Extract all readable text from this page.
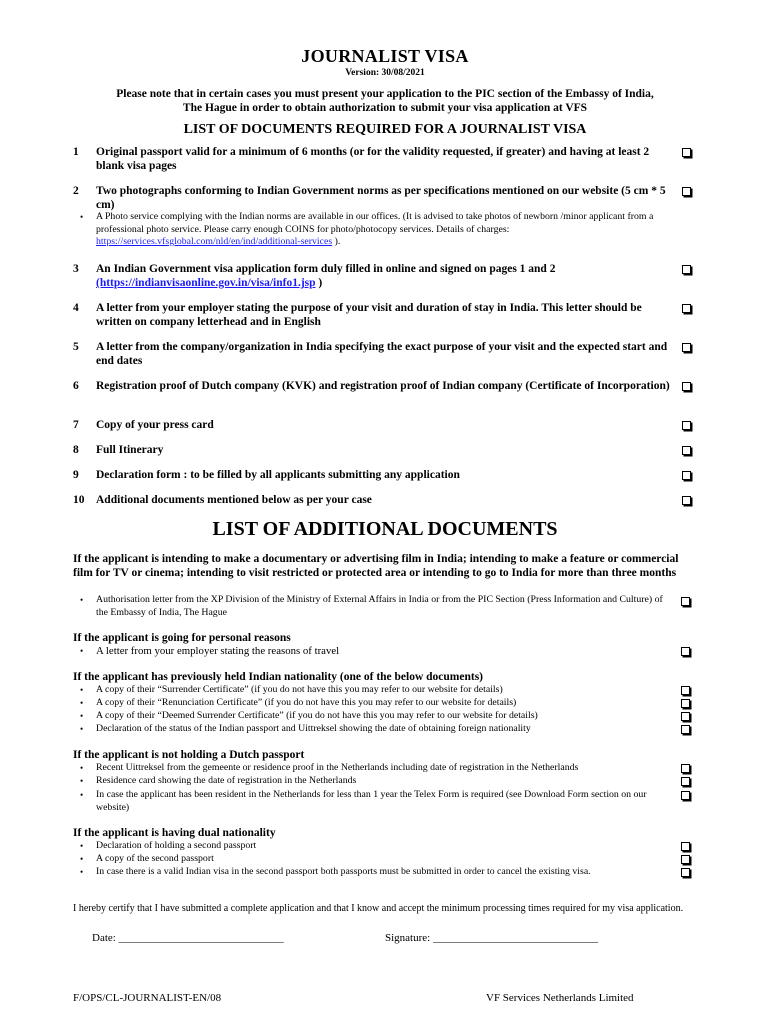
JOURNALIST VISA
Version: 30/08/2021
Please note that in certain cases you must present your application to the PIC section of the Embassy of India,
The Hague in order to obtain authorization to submit your visa application at VFS
LIST OF DOCUMENTS REQUIRED FOR A JOURNALIST VISA
1	Original passport valid for a minimum of 6 months (or for the validity requested, if greater) and having at least 2 blank visa pages
2	Two photographs conforming to Indian Government norms as per specifications mentioned on our website (5 cm * 5 cm)
• A Photo service complying with the Indian norms are available in our offices. (It is advised to take photos of newborn /minor applicant from a professional photo service. Please carry enough COINS for photo/photocopy services. Details of charges: https://services.vfsglobal.com/nld/en/ind/additional-services ).
3	An Indian Government visa application form duly filled in online and signed on pages 1 and 2
(https://indianvisaonline.gov.in/visa/info1.jsp )
4	A letter from your employer stating the purpose of your visit and duration of stay in India. This letter should be written on company letterhead and in English
5	A letter from the company/organization in India specifying the exact purpose of your visit and the expected start and end dates
6	Registration proof of Dutch company (KVK) and registration proof of Indian company (Certificate of Incorporation)
7	Copy of your press card
8	Full Itinerary
9	Declaration form : to be filled by all applicants submitting any application
10	Additional documents mentioned below as per your case
LIST OF ADDITIONAL DOCUMENTS
If the applicant is intending to make a documentary or advertising film in India; intending to make a feature or commercial film for TV or cinema; intending to visit restricted or protected area or intending to go to India for more than three months
• Authorisation letter from the XP Division of the Ministry of External Affairs in India or from the PIC Section (Press Information and Culture) of the Embassy of India, The Hague
If the applicant is going for personal reasons
• A letter from your employer stating the reasons of travel
If the applicant has previously held Indian nationality (one of the below documents)
• A copy of their “Surrender Certificate” (if you do not have this you may refer to our website for details)
• A copy of their “Renunciation Certificate” (if you do not have this you may refer to our website for details)
• A copy of their “Deemed Surrender Certificate” (if you do not have this you may refer to our website for details)
• Declaration of the status of the Indian passport and Uittreksel showing the date of obtaining foreign nationality
If the applicant is not holding a Dutch passport
• Recent Uittreksel from the gemeente or residence proof in the Netherlands including date of registration in the Netherlands
• Residence card showing the date of registration in the Netherlands
• In case the applicant has been resident in the Netherlands for less than 1 year the Telex Form is required (see Download Form section on our website)
If the applicant is having dual nationality
• Declaration of holding a second passport
• A copy of the second passport
• In case there is a valid Indian visa in the second passport both passports must be submitted in order to cancel the existing visa.
I hereby certify that I have submitted a complete application and that I know and accept the minimum processing times required for my visa application.
Date: ______________________________	Signature: ______________________________
F/OPS/CL-JOURNALIST-EN/08	VF Services Netherlands Limited
